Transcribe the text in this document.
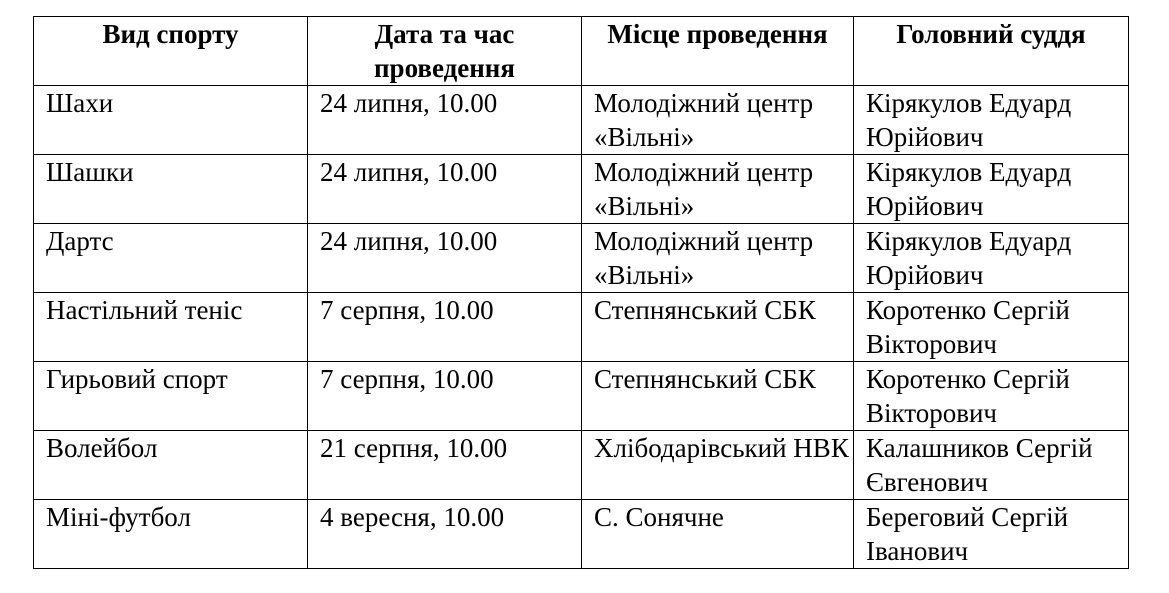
Вид спорту	Дата та час проведення	Місце проведення	Головний суддя
Шахи	24 липня, 10.00	Молодіжний центр «Вільні»	Кірякулов Едуард Юрійович
Шашки	24 липня, 10.00	Молодіжний центр «Вільні»	Кірякулов Едуард Юрійович
Дартс	24 липня, 10.00	Молодіжний центр «Вільні»	Кірякулов Едуард Юрійович
Настільний теніс	7 серпня, 10.00	Степнянський СБК	Коротенко Сергій Вікторович
Гирьовий спорт	7 серпня, 10.00	Степнянський СБК	Коротенко Сергій Вікторович
Волейбол	21 серпня, 10.00	Хлібодарівський НВК	Калашников Сергій Євгенович
Міні-футбол	4 вересня, 10.00	С. Сонячне	Береговий Сергій Іванович
